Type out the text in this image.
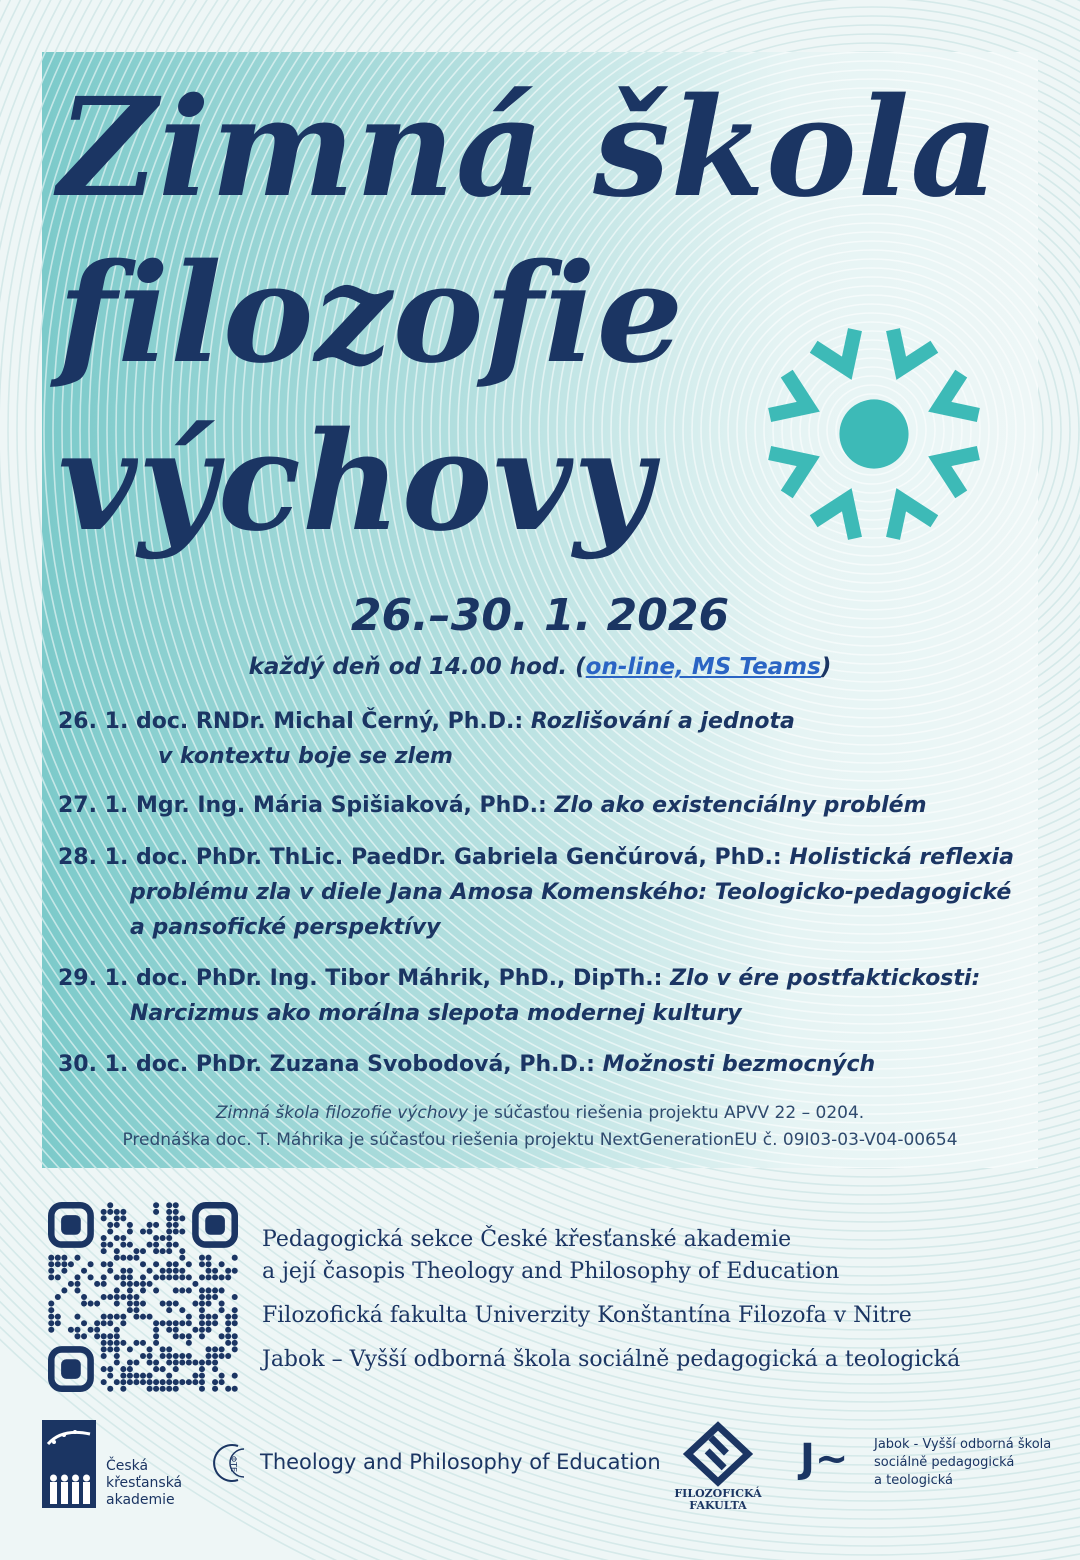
Zimná škola
filozofie
výchovy
26.–30. 1. 2026
každý deň od 14.00 hod. (on-line, MS Teams)
26. 1. doc. RNDr. Michal Černý, Ph.D.: Rozlišování a jednota
v kontextu boje se zlem
27. 1. Mgr. Ing. Mária Spišiaková, PhD.: Zlo ako existenciálny problém
28. 1. doc. PhDr. ThLic. PaedDr. Gabriela Genčúrová, PhD.: Holistická reflexia
problému zla v diele Jana Amosa Komenského: Teologicko-pedagogické
a pansofické perspektívy
29. 1. doc. PhDr. Ing. Tibor Máhrik, PhD., DipTh.: Zlo v ére postfaktickosti:
Narcizmus ako morálna slepota modernej kultury
30. 1. doc. PhDr. Zuzana Svobodová, Ph.D.: Možnosti bezmocných
Zimná škola filozofie výchovy je súčasťou riešenia projektu APVV 22 – 0204.
Prednáška doc. T. Máhrika je súčasťou riešenia projektu NextGenerationEU č. 09I03-03-V04-00654
Pedagogická sekce České křesťanské akademie
a její časopis Theology and Philosophy of Education
Filozofická fakulta Univerzity Konštantína Filozofa v Nitre
Jabok – Vyšší odborná škola sociálně pedagogická a teologická
Česká
křesťanská
akademie
ΦTE Theology and Philosophy of Education
FILOZOFICKÁ
FAKULTA
J~ Jabok - Vyšší odborná škola
sociálně pedagogická
a teologická
